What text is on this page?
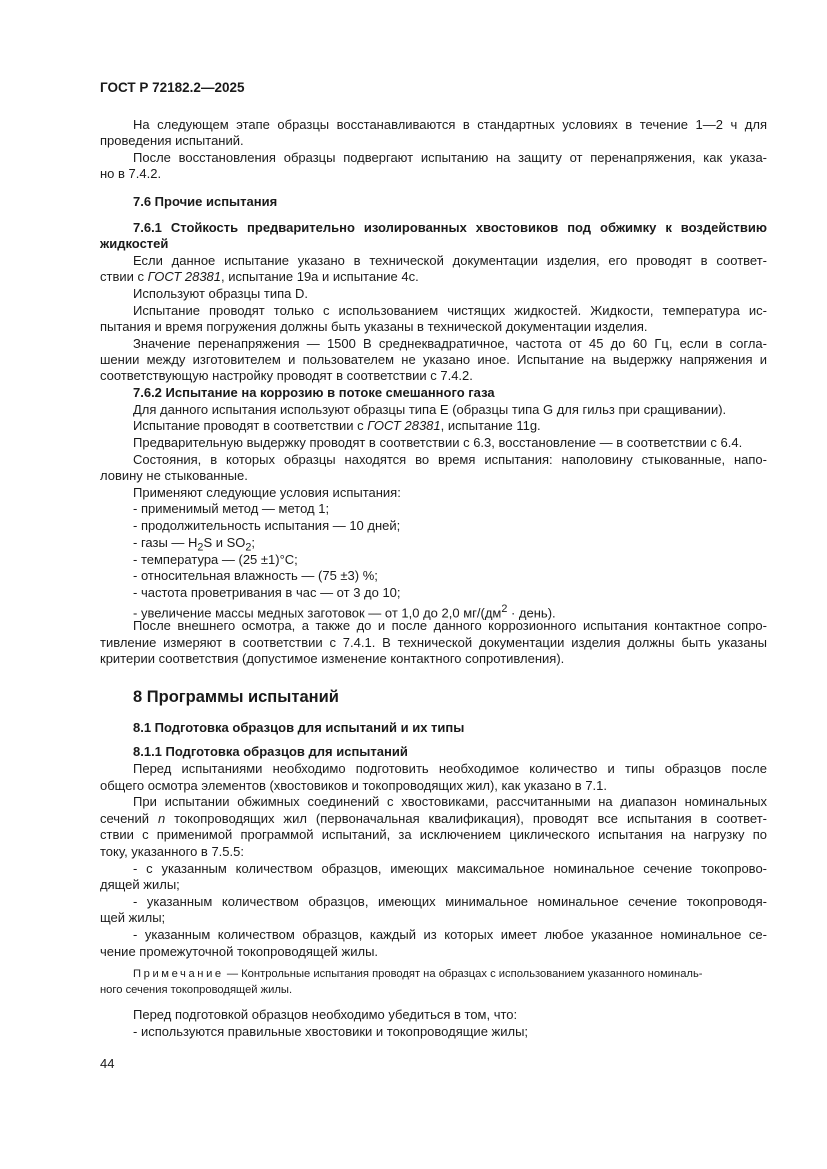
ГОСТ Р 72182.2—2025
На следующем этапе образцы восстанавливаются в стандартных условиях в течение 1—2 ч для
проведения испытаний.
После восстановления образцы подвергают испытанию на защиту от перенапряжения, как указа-
но в 7.4.2.
7.6 Прочие испытания
7.6.1 Стойкость предварительно изолированных хвостовиков под обжимку к воздействию
жидкостей
Если данное испытание указано в технической документации изделия, его проводят в соответ-
ствии с ГОСТ 28381, испытание 19а и испытание 4с.
Используют образцы типа D.
Испытание проводят только с использованием чистящих жидкостей. Жидкости, температура ис-
пытания и время погружения должны быть указаны в технической документации изделия.
Значение перенапряжения — 1500 В среднеквадратичное, частота от 45 до 60 Гц, если в согла-
шении между изготовителем и пользователем не указано иное. Испытание на выдержку напряжения и
соответствующую настройку проводят в соответствии с 7.4.2.
7.6.2 Испытание на коррозию в потоке смешанного газа
Для данного испытания используют образцы типа Е (образцы типа G для гильз при сращивании).
Испытание проводят в соответствии с ГОСТ 28381, испытание 11g.
Предварительную выдержку проводят в соответствии с 6.3, восстановление — в соответствии с 6.4.
Состояния, в которых образцы находятся во время испытания: наполовину стыкованные, напо-
ловину не стыкованные.
Применяют следующие условия испытания:
- применимый метод — метод 1;
- продолжительность испытания — 10 дней;
- газы — $H_2S$ и $SO_2$;
- температура — (25 ±1)°С;
- относительная влажность — (75 ±3) %;
- частота проветривания в час — от 3 до 10;
- увеличение массы медных заготовок — от 1,0 до 2,0 $мг/(дм^2$ · день).
После внешнего осмотра, а также до и после данного коррозионного испытания контактное сопро-
тивление измеряют в соответствии с 7.4.1. В технической документации изделия должны быть указаны
критерии соответствия (допустимое изменение контактного сопротивления).
8 Программы испытаний
8.1 Подготовка образцов для испытаний и их типы
8.1.1 Подготовка образцов для испытаний
Перед испытаниями необходимо подготовить необходимое количество и типы образцов после
общего осмотра элементов (хвостовиков и токопроводящих жил), как указано в 7.1.
При испытании обжимных соединений с хвостовиками, рассчитанными на диапазон номинальных
сечений n токопроводящих жил (первоначальная квалификация), проводят все испытания в соответ-
ствии с применимой программой испытаний, за исключением циклического испытания на нагрузку по
току, указанного в 7.5.5:
- с указанным количеством образцов, имеющих максимальное номинальное сечение токопрово-
дящей жилы;
- указанным количеством образцов, имеющих минимальное номинальное сечение токопроводя-
щей жилы;
- указанным количеством образцов, каждый из которых имеет любое указанное номинальное се-
чение промежуточной токопроводящей жилы.
Примечание — Контрольные испытания проводят на образцах с использованием указанного номиналь-
ного сечения токопроводящей жилы.
Перед подготовкой образцов необходимо убедиться в том, что:
- используются правильные хвостовики и токопроводящие жилы;
44
